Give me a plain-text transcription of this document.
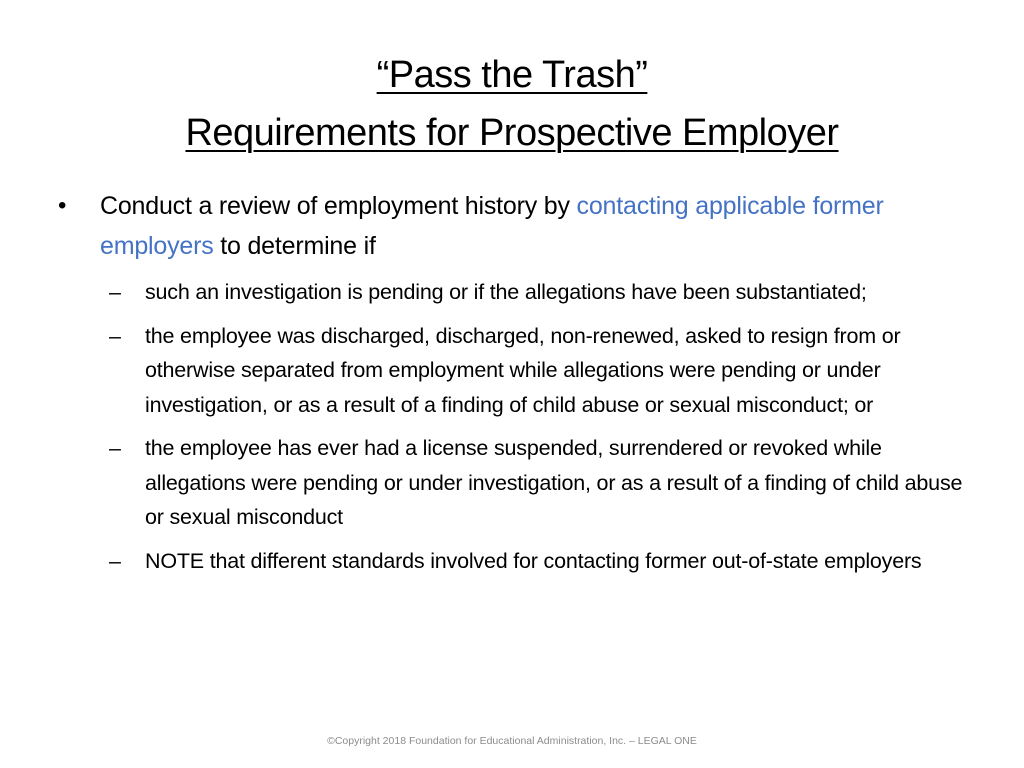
“Pass the Trash”
Requirements for Prospective Employer
• Conduct a review of employment history by contacting applicable former employers to determine if
– such an investigation is pending or if the allegations have been substantiated;
– the employee was discharged, discharged, non-renewed, asked to resign from or otherwise separated from employment while allegations were pending or under investigation, or as a result of a finding of child abuse or sexual misconduct; or
– the employee has ever had a license suspended, surrendered or revoked while allegations were pending or under investigation, or as a result of a finding of child abuse or sexual misconduct
– NOTE that different standards involved for contacting former out-of-state employers
©Copyright 2018 Foundation for Educational Administration, Inc. – LEGAL ONE
